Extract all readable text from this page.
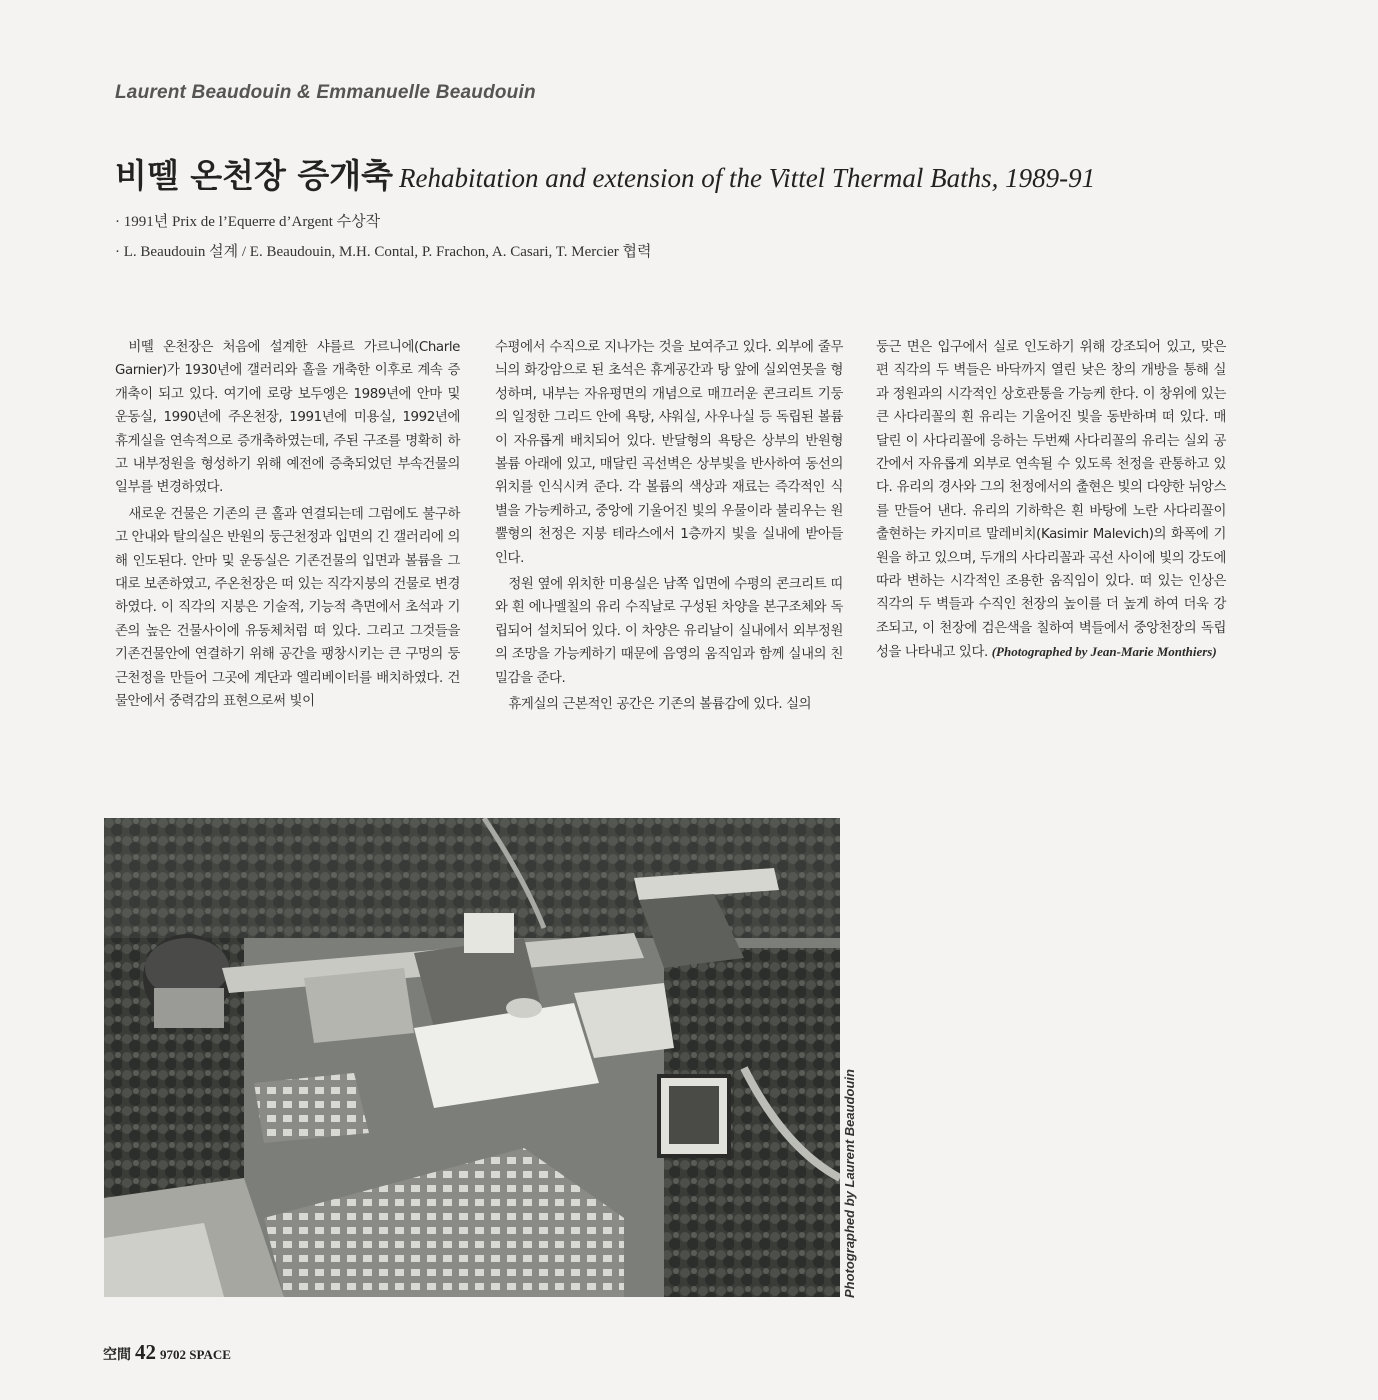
Laurent Beaudouin & Emmanuelle Beaudouin
비뗄 온천장 증개축 Rehabitation and extension of the Vittel Thermal Baths, 1989-91
· 1991년 Prix de l’Equerre d’Argent 수상작
· L. Beaudouin 설계 / E. Beaudouin, M.H. Contal, P. Frachon, A. Casari, T. Mercier 협력

비뗄 온천장은 처음에 설계한 샤를르 가르니에(Charle Garnier)가 1930년에 갤러리와 홀을 개축한 이후로 계속 증개축이 되고 있다. 여기에 로랑 보두엥은 1989년에 안마 및 운동실, 1990년에 주온천장, 1991년에 미용실, 1992년에 휴게실을 연속적으로 증개축하였는데, 주된 구조를 명확히 하고 내부정원을 형성하기 위해 예전에 증축되었던 부속건물의 일부를 변경하였다.

새로운 건물은 기존의 큰 홀과 연결되는데 그럼에도 불구하고 안내와 탈의실은 반원의 둥근천정과 입면의 긴 갤러리에 의해 인도된다. 안마 및 운동실은 기존건물의 입면과 볼륨을 그대로 보존하였고, 주온천장은 떠 있는 직각지붕의 건물로 변경하였다. 이 직각의 지붕은 기술적, 기능적 측면에서 초석과 기존의 높은 건물사이에 유동체처럼 떠 있다. 그리고 그것들을 기존건물안에 연결하기 위해 공간을 팽창시키는 큰 구멍의 둥근천정을 만들어 그곳에 계단과 엘리베이터를 배치하였다. 건물안에서 중력감의 표현으로써 빛이

수평에서 수직으로 지나가는 것을 보여주고 있다. 외부에 줄무늬의 화강암으로 된 초석은 휴게공간과 탕 앞에 실외연못을 형성하며, 내부는 자유평면의 개념으로 매끄러운 콘크리트 기둥의 일정한 그리드 안에 욕탕, 샤워실, 사우나실 등 독립된 볼륨이 자유롭게 배치되어 있다. 반달형의 욕탕은 상부의 반원형 볼륨 아래에 있고, 매달린 곡선벽은 상부빛을 반사하여 동선의 위치를 인식시켜 준다. 각 볼륨의 색상과 재료는 즉각적인 식별을 가능케하고, 중앙에 기울어진 빛의 우물이라 불리우는 원뿔형의 천정은 지붕 테라스에서 1층까지 빛을 실내에 받아들인다.

정원 옆에 위치한 미용실은 남쪽 입면에 수평의 콘크리트 띠와 흰 에나멜칠의 유리 수직날로 구성된 차양을 본구조체와 독립되어 설치되어 있다. 이 차양은 유리날이 실내에서 외부정원의 조망을 가능케하기 때문에 음영의 움직임과 함께 실내의 친밀감을 준다.

휴게실의 근본적인 공간은 기존의 볼륨감에 있다. 실의

둥근 면은 입구에서 실로 인도하기 위해 강조되어 있고, 맞은 편 직각의 두 벽들은 바닥까지 열린 낮은 창의 개방을 통해 실과 정원과의 시각적인 상호관통을 가능케 한다. 이 창위에 있는 큰 사다리꼴의 흰 유리는 기울어진 빛을 동반하며 떠 있다. 매달린 이 사다리꼴에 응하는 두번째 사다리꼴의 유리는 실외 공간에서 자유롭게 외부로 연속될 수 있도록 천정을 관통하고 있다. 유리의 경사와 그의 천정에서의 출현은 빛의 다양한 뉘앙스를 만들어 낸다. 유리의 기하학은 흰 바탕에 노란 사다리꼴이 출현하는 카지미르 말레비치(Kasimir Malevich)의 화폭에 기원을 하고 있으며, 두개의 사다리꼴과 곡선 사이에 빛의 강도에 따라 변하는 시각적인 조용한 움직임이 있다. 떠 있는 인상은 직각의 두 벽들과 수직인 천장의 높이를 더 높게 하여 더욱 강조되고, 이 천장에 검은색을 칠하여 벽들에서 중앙천장의 독립성을 나타내고 있다. (Photographed by Jean-Marie Monthiers)

Photographed by Laurent Beaudouin
空間 42 9702 SPACE
